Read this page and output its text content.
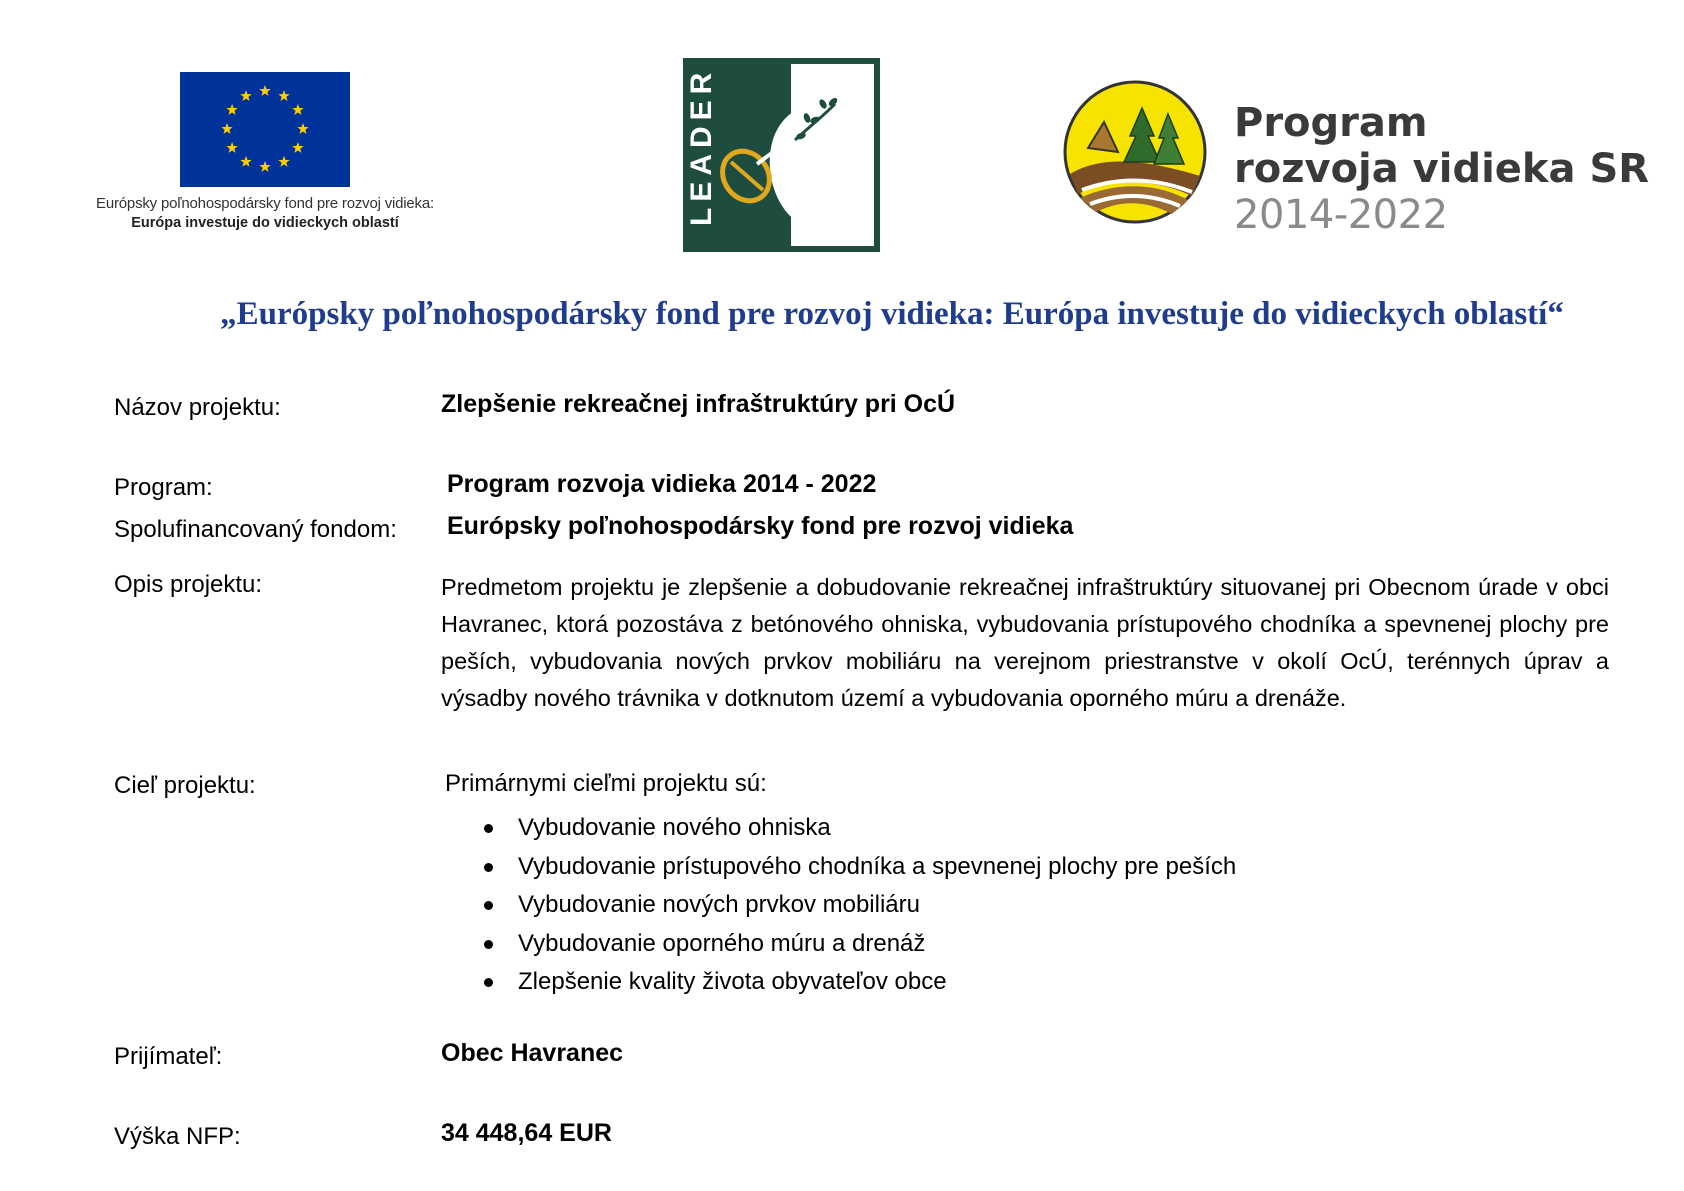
Európsky poľnohospodársky fond pre rozvoj vidieka:
Európa investuje do vidieckych oblastí	LEADER	Program
rozvoja vidieka SR
2014-2022
„Európsky poľnohospodársky fond pre rozvoj vidieka: Európa investuje do vidieckych oblastí“
Názov projektu:	Zlepšenie rekreačnej infraštruktúry pri OcÚ
Program:	Program rozvoja vidieka 2014 - 2022
Spolufinancovaný fondom: Európsky poľnohospodársky fond pre rozvoj vidieka
Opis projektu:	Predmetom projektu je zlepšenie a dobudovanie rekreačnej infraštruktúry situovanej pri Obecnom úrade v obci Havranec, ktorá pozostáva z betónového ohniska, vybudovania prístupového chodníka a spevnenej plochy pre peších, vybudovania nových prvkov mobiliáru na verejnom priestranstve v okolí OcÚ, terénnych úprav a výsadby nového trávnika v dotknutom území a vybudovania oporného múru a drenáže.
Cieľ projektu:	Primárnymi cieľmi projektu sú:
Vybudovanie nového ohniska
Vybudovanie prístupového chodníka a spevnenej plochy pre peších
Vybudovanie nových prvkov mobiliáru
Vybudovanie oporného múru a drenáž
Zlepšenie kvality života obyvateľov obce
Prijímateľ:	Obec Havranec
Výška NFP:	34 448,64 EUR
